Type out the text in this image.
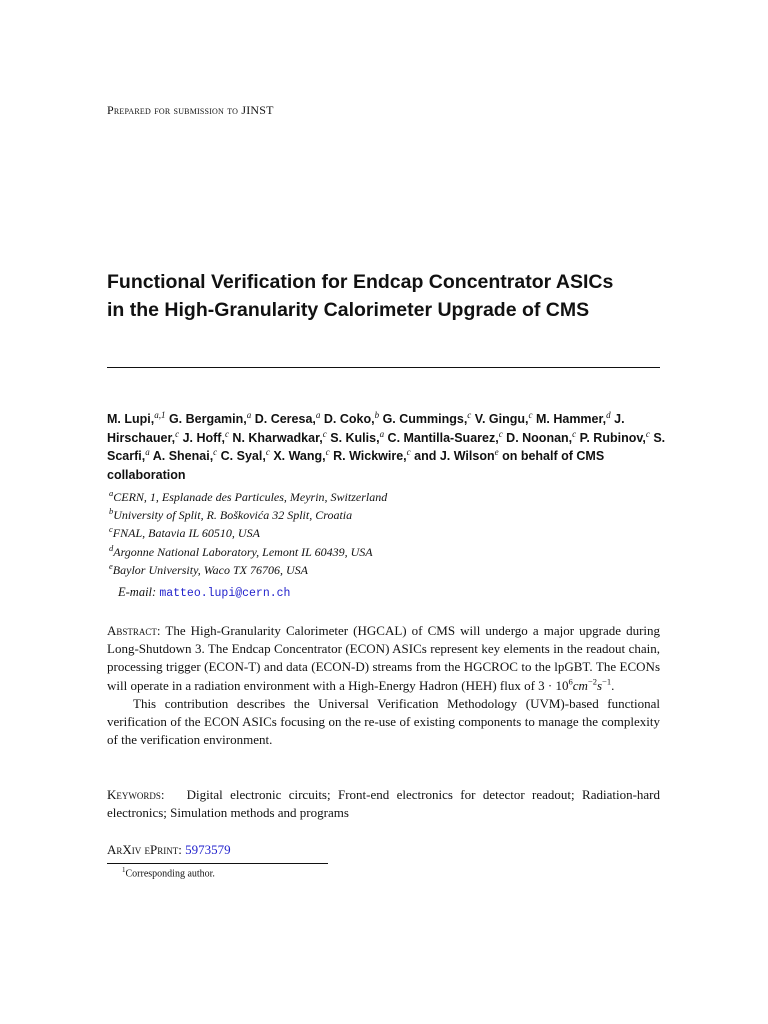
Prepared for submission to JINST
Functional Verification for Endcap Concentrator ASICs
in the High-Granularity Calorimeter Upgrade of CMS
M. Lupi,$^{a,1}$ G. Bergamin,$^a$ D. Ceresa,$^a$ D. Coko,$^b$ G. Cummings,$^c$ V. Gingu,$^c$ M. Hammer,$^d$ J. Hirschauer,$^c$ J. Hoff,$^c$ N. Kharwadkar,$^c$ S. Kulis,$^a$ C. Mantilla-Suarez,$^c$ D. Noonan,$^c$ P. Rubinov,$^c$ S. Scarfi,$^a$ A. Shenai,$^c$ C. Syal,$^c$ X. Wang,$^c$ R. Wickwire,$^c$ and J. Wilson$^e$ on behalf of CMS collaboration
$^a$CERN, 1, Esplanade des Particules, Meyrin, Switzerland
$^b$University of Split, R. Boškovića 32 Split, Croatia
$^c$FNAL, Batavia IL 60510, USA
$^d$Argonne National Laboratory, Lemont IL 60439, USA
$^e$Baylor University, Waco TX 76706, USA
E-mail: matteo.lupi@cern.ch

Abstract: The High-Granularity Calorimeter (HGCAL) of CMS will undergo a major upgrade during Long-Shutdown 3. The Endcap Concentrator (ECON) ASICs represent key elements in the readout chain, processing trigger (ECON-T) and data (ECON-D) streams from the HGCROC to the lpGBT. The ECONs will operate in a radiation environment with a High-Energy Hadron (HEH) flux of $3 \cdot 10^6cm^{-2}s^{-1}$.

This contribution describes the Universal Verification Methodology (UVM)-based functional verification of the ECON ASICs focusing on the re-use of existing components to manage the complexity of the verification environment.

Keywords: Digital electronic circuits; Front-end electronics for detector readout; Radiation-hard electronics; Simulation methods and programs
ArXiv ePrint: 5973579
$^1$Corresponding author.
